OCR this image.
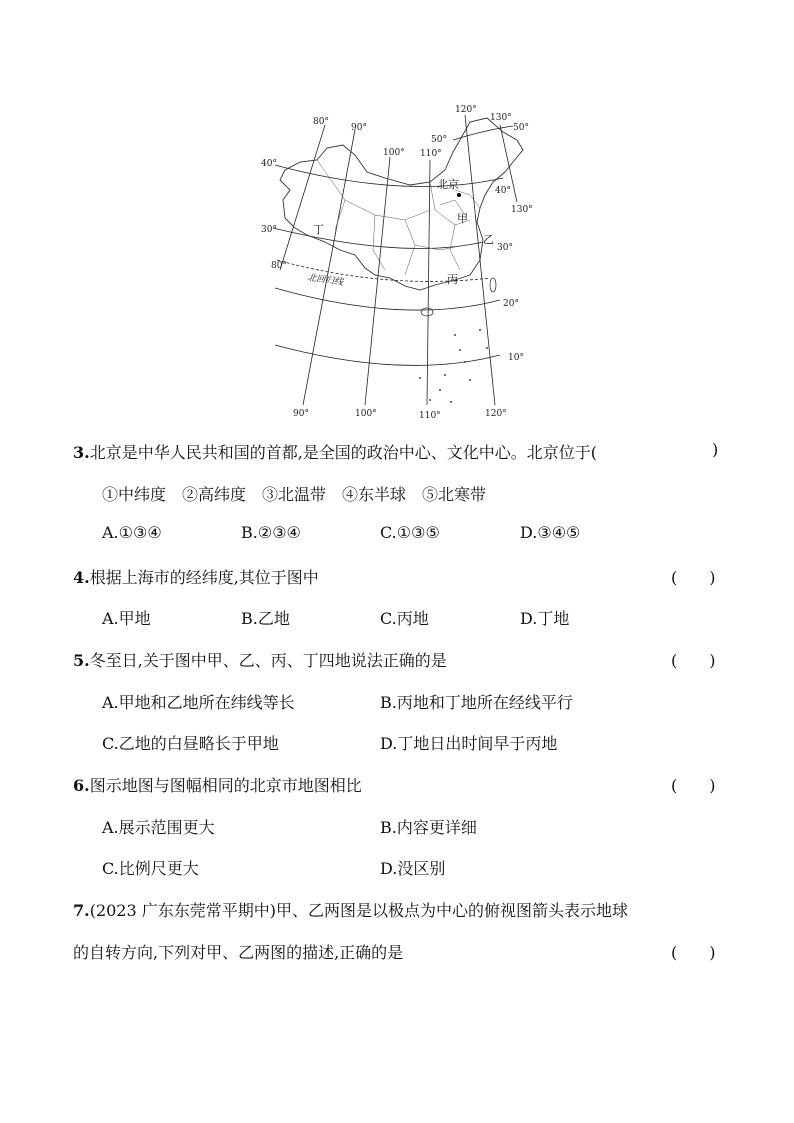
80°
90°
100° 110°
120°
130°
90°	100°	110°	120°
130°
40°
30°
80°
50°
40°
30°
20°
10°
50°
北回归线
北京
甲
乙
丙
丁
3.北京是中华人民共和国的首都,是全国的政治中心、文化中心。北京位于(	)
①中纬度　②高纬度　③北温带　④东半球　⑤北寒带
A.①③④	B.②③④	C.①③⑤	D.③④⑤
4.根据上海市的经纬度,其位于图中	(　　)
A.甲地	B.乙地	C.丙地	D.丁地
5.冬至日,关于图中甲、乙、丙、丁四地说法正确的是	(　　)
A.甲地和乙地所在纬线等长	B.丙地和丁地所在经线平行
C.乙地的白昼略长于甲地	D.丁地日出时间早于丙地
6.图示地图与图幅相同的北京市地图相比	(　　)
A.展示范围更大	B.内容更详细
C.比例尺更大	D.没区别
7.(2023 广东东莞常平期中)甲、乙两图是以极点为中心的俯视图箭头表示地球
的自转方向,下列对甲、乙两图的描述,正确的是	(　　)
